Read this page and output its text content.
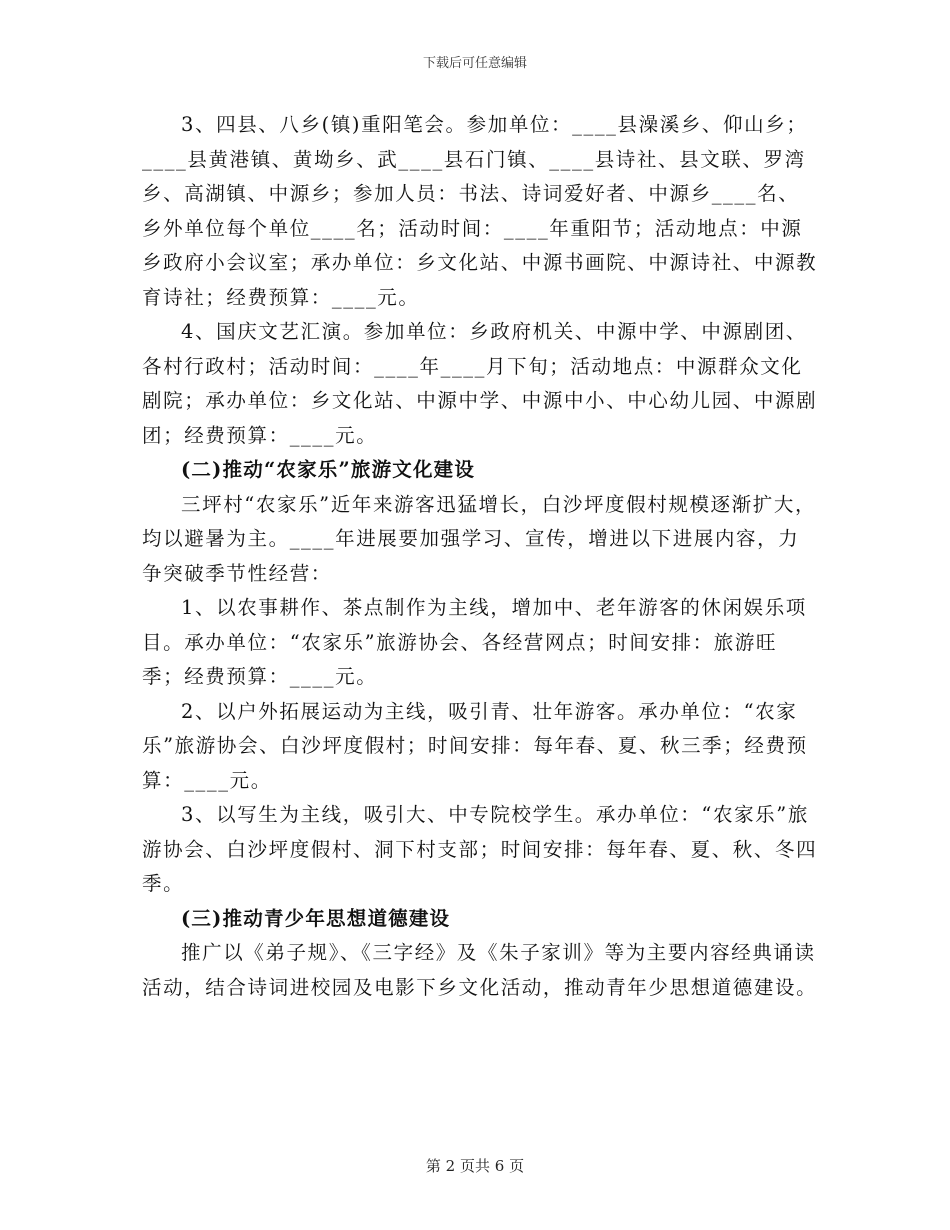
下载后可任意编辑

3、四县、八乡(镇)重阳笔会。参加单位：____县澡溪乡、仰山乡；____县黄港镇、黄坳乡、武____县石门镇、____县诗社、县文联、罗湾乡、高湖镇、中源乡；参加人员：书法、诗词爱好者、中源乡____名、乡外单位每个单位____名；活动时间：____年重阳节；活动地点：中源乡政府小会议室；承办单位：乡文化站、中源书画院、中源诗社、中源教育诗社；经费预算：____元。

4、国庆文艺汇演。参加单位：乡政府机关、中源中学、中源剧团、各村行政村；活动时间：____年____月下旬；活动地点：中源群众文化剧院；承办单位：乡文化站、中源中学、中源中小、中心幼儿园、中源剧团；经费预算：____元。

(二)推动“农家乐”旅游文化建设

三坪村“农家乐”近年来游客迅猛增长，白沙坪度假村规模逐渐扩大，均以避暑为主。____年进展要加强学习、宣传，增进以下进展内容，力争突破季节性经营：

1、以农事耕作、茶点制作为主线，增加中、老年游客的休闲娱乐项目。承办单位：“农家乐”旅游协会、各经营网点；时间安排：旅游旺季；经费预算：____元。

2、以户外拓展运动为主线，吸引青、壮年游客。承办单位：“农家乐”旅游协会、白沙坪度假村；时间安排：每年春、夏、秋三季；经费预算：____元。

3、以写生为主线，吸引大、中专院校学生。承办单位：“农家乐”旅游协会、白沙坪度假村、洞下村支部；时间安排：每年春、夏、秋、冬四季。

(三)推动青少年思想道德建设

推广以《弟子规》、《三字经》及《朱子家训》等为主要内容经典诵读活动，结合诗词进校园及电影下乡文化活动，推动青年少思想道德建设。

第 2 页共 6 页
